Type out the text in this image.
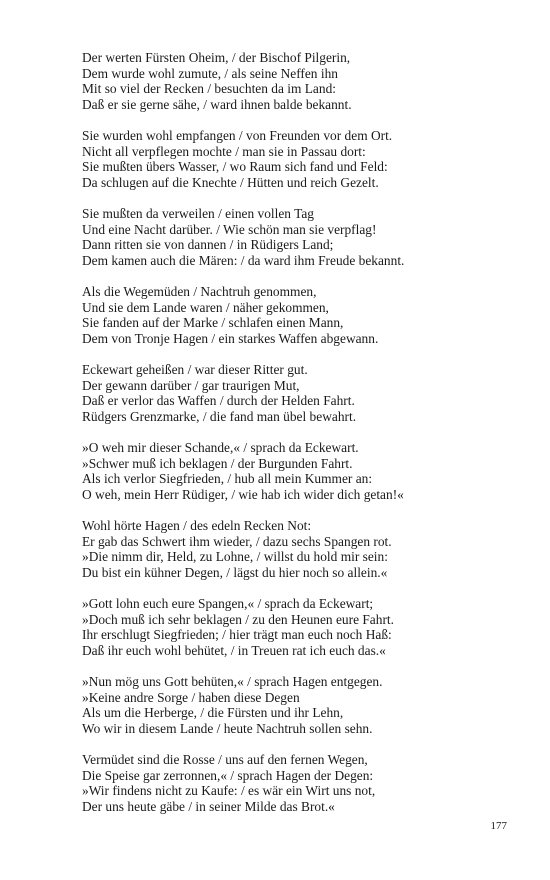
Der werten Fürsten Oheim, / der Bischof Pilgerin,
Dem wurde wohl zumute, / als seine Neffen ihn
Mit so viel der Recken / besuchten da im Land:
Daß er sie gerne sähe, / ward ihnen balde bekannt.
Sie wurden wohl empfangen / von Freunden vor dem Ort.
Nicht all verpflegen mochte / man sie in Passau dort:
Sie mußten übers Wasser, / wo Raum sich fand und Feld:
Da schlugen auf die Knechte / Hütten und reich Gezelt.
Sie mußten da verweilen / einen vollen Tag
Und eine Nacht darüber. / Wie schön man sie verpflag!
Dann ritten sie von dannen / in Rüdigers Land;
Dem kamen auch die Mären: / da ward ihm Freude bekannt.
Als die Wegemüden / Nachtruh genommen,
Und sie dem Lande waren / näher gekommen,
Sie fanden auf der Marke / schlafen einen Mann,
Dem von Tronje Hagen / ein starkes Waffen abgewann.
Eckewart geheißen / war dieser Ritter gut.
Der gewann darüber / gar traurigen Mut,
Daß er verlor das Waffen / durch der Helden Fahrt.
Rüdgers Grenzmarke, / die fand man übel bewahrt.
»O weh mir dieser Schande,« / sprach da Eckewart.
»Schwer muß ich beklagen / der Burgunden Fahrt.
Als ich verlor Siegfrieden, / hub all mein Kummer an:
O weh, mein Herr Rüdiger, / wie hab ich wider dich getan!«
Wohl hörte Hagen / des edeln Recken Not:
Er gab das Schwert ihm wieder, / dazu sechs Spangen rot.
»Die nimm dir, Held, zu Lohne, / willst du hold mir sein:
Du bist ein kühner Degen, / lägst du hier noch so allein.«
»Gott lohn euch eure Spangen,« / sprach da Eckewart;
»Doch muß ich sehr beklagen / zu den Heunen eure Fahrt.
Ihr erschlugt Siegfrieden; / hier trägt man euch noch Haß:
Daß ihr euch wohl behütet, / in Treuen rat ich euch das.«
»Nun mög uns Gott behüten,« / sprach Hagen entgegen.
»Keine andre Sorge / haben diese Degen
Als um die Herberge, / die Fürsten und ihr Lehn,
Wo wir in diesem Lande / heute Nachtruh sollen sehn.
Vermüdet sind die Rosse / uns auf den fernen Wegen,
Die Speise gar zerronnen,« / sprach Hagen der Degen:
»Wir findens nicht zu Kaufe: / es wär ein Wirt uns not,
Der uns heute gäbe / in seiner Milde das Brot.«
177
